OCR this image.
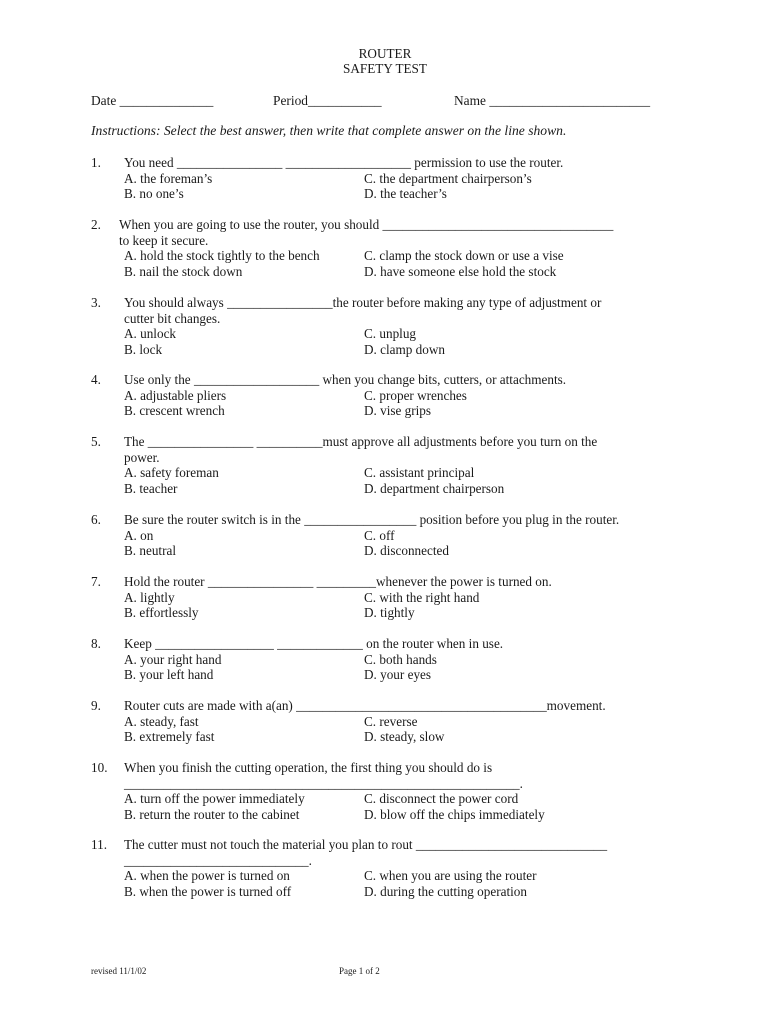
ROUTER
SAFETY TEST
Date ______________	Period___________	Name ________________________
Instructions: Select the best answer, then write that complete answer on the line shown.
1. You need ________________ ___________________ permission to use the router.
A. the foreman’s	C. the department chairperson’s
B. no one’s	D. the teacher’s
2. When you are going to use the router, you should ___________________________________
to keep it secure.
A. hold the stock tightly to the bench	C. clamp the stock down or use a vise
B. nail the stock down	D. have someone else hold the stock
3. You should always ________________the router before making any type of adjustment or
cutter bit changes.
A. unlock	C. unplug
B. lock	D. clamp down
4. Use only the ___________________ when you change bits, cutters, or attachments.
A. adjustable pliers	C. proper wrenches
B. crescent wrench	D. vise grips
5. The ________________ __________must approve all adjustments before you turn on the
power.
A. safety foreman	C. assistant principal
B. teacher	D. department chairperson
6. Be sure the router switch is in the _________________ position before you plug in the router.
A. on	C. off
B. neutral	D. disconnected
7. Hold the router ________________ _________whenever the power is turned on.
A. lightly	C. with the right hand
B. effortlessly	D. tightly
8. Keep __________________ _____________ on the router when in use.
A. your right hand	C. both hands
B. your left hand	D. your eyes
9. Router cuts are made with a(an) ______________________________________movement.
A. steady, fast	C. reverse
B. extremely fast	D. steady, slow
10. When you finish the cutting operation, the first thing you should do is
____________________________________________________________.
A. turn off the power immediately	C. disconnect the power cord
B. return the router to the cabinet	D. blow off the chips immediately
11. The cutter must not touch the material you plan to rout _____________________________
____________________________.
A. when the power is turned on	C. when you are using the router
B. when the power is turned off	D. during the cutting operation
revised 11/1/02	Page 1 of 2
